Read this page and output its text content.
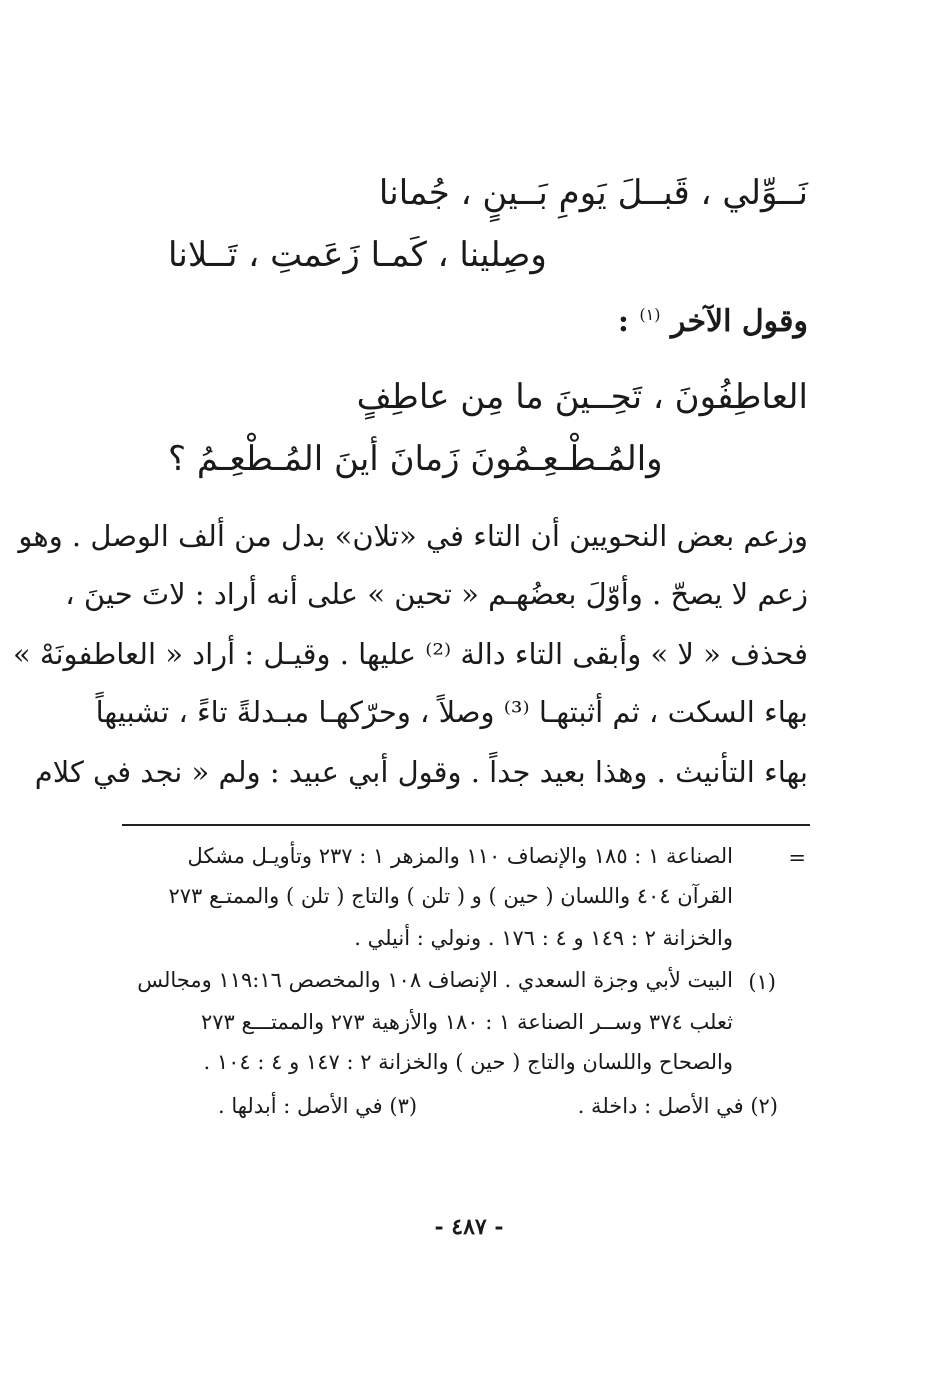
نَــوِّلي ، قَبــلَ يَومِ بَــينٍ ، جُمانا
وصِلينا ، كَمـا زَعَمتِ ، تَــلانا
وقول الآخر $^{(١)}$ :
العاطِفُونَ ، تَحِــينَ ما مِن عاطِفٍ
والمُـطْـعِـمُونَ زَمانَ أينَ المُـطْعِـمُ ؟
وزعم بعض النحويين أن التاء في «تلان» بدل من ألف الوصل . وهو
زعم لا يصحّ . وأوّلَ بعضُهـم « تحين » على أنه أراد : لاتَ حينَ ،
فحذف « لا » وأبقى التاء دالة ⁽²⁾ عليها . وقيـل : أراد « العاطفونَهْ »
بهاء السكت ، ثم أثبتهـا ⁽³⁾ وصلاً ، وحرّكهـا مبـدلةً تاءً ، تشبيهاً
بهاء التأنيث . وهذا بعيد جداً . وقول أبي عبيد : ولم « نجد في كلام
=
الصناعة ١ : ١٨٥ والإنصاف ١١٠ والمزهر ١ : ٢٣٧ وتأويـل مشكل
القرآن ٤٠٤ واللسان ( حين ) و ( تلن ) والتاج ( تلن ) والممتـع ٢٧٣
والخزانة ٢ : ١٤٩ و ٤ : ١٧٦ . ونولي : أنيلي .
(١)
البيت لأبي وجزة السعدي . الإنصاف ١٠٨ والمخصص ١١٩:١٦ ومجالس
ثعلب ٣٧٤ وســر الصناعة ١ : ١٨٠ والأزهية ٢٧٣ والممتـــع ٢٧٣
والصحاح واللسان والتاج ( حين ) والخزانة ٢ : ١٤٧ و ٤ : ١٠٤ .
(٢) في الأصل : داخلة .
(٣) في الأصل : أبدلها .
- ٤٨٧ -
